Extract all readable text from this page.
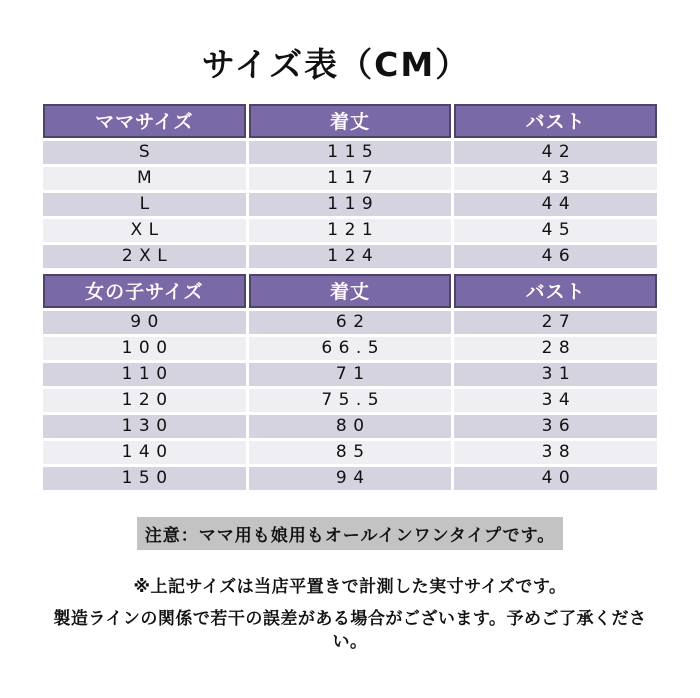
サイズ表（CM）
ママサイズ	着丈	バスト
S	115	42
M	117	43
L	119	44
XL	121	45
2XL	124	46
女の子サイズ	着丈	バスト
90	62	27
100	66.5	28
110	71	31
120	75.5	34
130	80	36
140	85	38
150	94	40
注意：ママ用も娘用もオールインワンタイプです。

※上記サイズは当店平置きで計測した実寸サイズです。

製造ラインの関係で若干の誤差がある場合がございます。予めご了承ください。
